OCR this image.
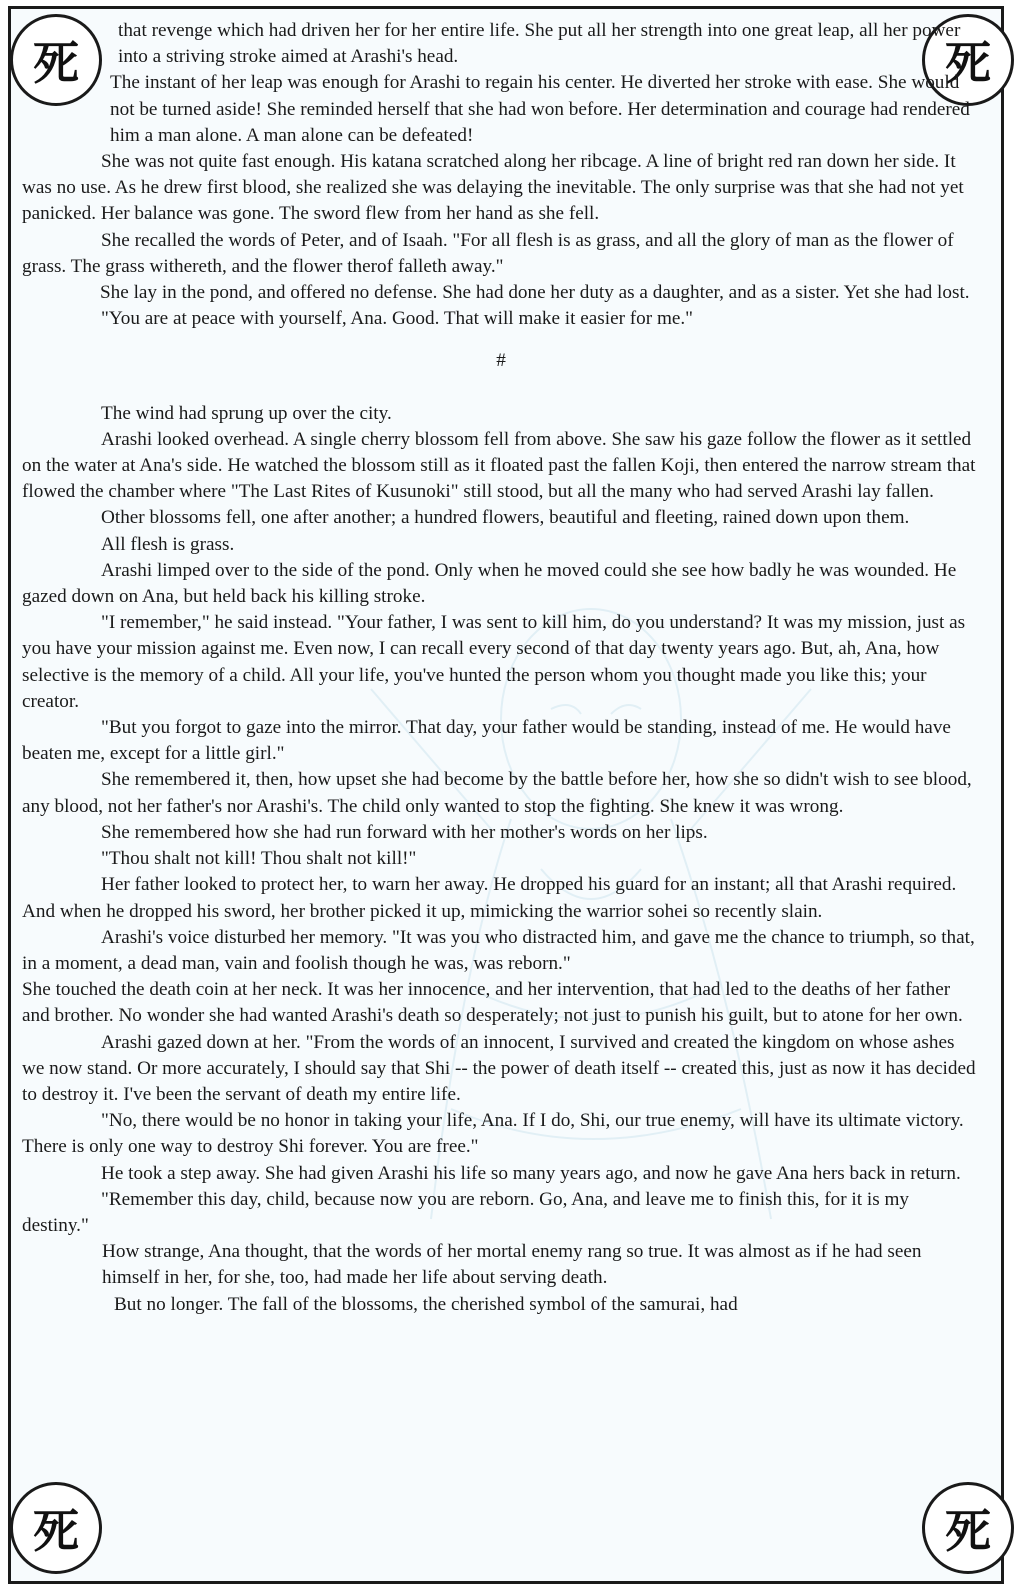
死	死
死	死

that revenge which had driven her for her entire life. She put all her strength into one great leap, all her power into a striving stroke aimed at Arashi's head.

The instant of her leap was enough for Arashi to regain his center. He diverted her stroke with ease. She would not be turned aside! She reminded herself that she had won before. Her determination and courage had rendered him a man alone. A man alone can be defeated!

She was not quite fast enough. His katana scratched along her ribcage. A line of bright red ran down her side. It was no use. As he drew first blood, she realized she was delaying the inevitable. The only surprise was that she had not yet panicked. Her balance was gone. The sword flew from her hand as she fell.

She recalled the words of Peter, and of Isaah. "For all flesh is as grass, and all the glory of man as the flower of grass. The grass withereth, and the flower therof falleth away."

She lay in the pond, and offered no defense. She had done her duty as a daughter, and as a sister. Yet she had lost.

"You are at peace with yourself, Ana. Good. That will make it easier for me."

#

The wind had sprung up over the city.

Arashi looked overhead. A single cherry blossom fell from above. She saw his gaze follow the flower as it settled on the water at Ana's side. He watched the blossom still as it floated past the fallen Koji, then entered the narrow stream that flowed the chamber where "The Last Rites of Kusunoki" still stood, but all the many who had served Arashi lay fallen.

Other blossoms fell, one after another; a hundred flowers, beautiful and fleeting, rained down upon them.

All flesh is grass.

Arashi limped over to the side of the pond. Only when he moved could she see how badly he was wounded. He gazed down on Ana, but held back his killing stroke.

"I remember," he said instead. "Your father, I was sent to kill him, do you understand? It was my mission, just as you have your mission against me. Even now, I can recall every second of that day twenty years ago. But, ah, Ana, how selective is the memory of a child. All your life, you've hunted the person whom you thought made you like this; your creator.

"But you forgot to gaze into the mirror. That day, your father would be standing, instead of me. He would have beaten me, except for a little girl."

She remembered it, then, how upset she had become by the battle before her, how she so didn't wish to see blood, any blood, not her father's nor Arashi's. The child only wanted to stop the fighting. She knew it was wrong.

She remembered how she had run forward with her mother's words on her lips.

"Thou shalt not kill! Thou shalt not kill!"

Her father looked to protect her, to warn her away. He dropped his guard for an instant; all that Arashi required. And when he dropped his sword, her brother picked it up, mimicking the warrior sohei so recently slain.

Arashi's voice disturbed her memory. "It was you who distracted him, and gave me the chance to triumph, so that, in a moment, a dead man, vain and foolish though he was, was reborn."

She touched the death coin at her neck. It was her innocence, and her intervention, that had led to the deaths of her father and brother. No wonder she had wanted Arashi's death so desperately; not just to punish his guilt, but to atone for her own.

Arashi gazed down at her. "From the words of an innocent, I survived and created the kingdom on whose ashes we now stand. Or more accurately, I should say that Shi -- the power of death itself -- created this, just as now it has decided to destroy it. I've been the servant of death my entire life.

"No, there would be no honor in taking your life, Ana. If I do, Shi, our true enemy, will have its ultimate victory. There is only one way to destroy Shi forever. You are free."

He took a step away. She had given Arashi his life so many years ago, and now he gave Ana hers back in return.

"Remember this day, child, because now you are reborn. Go, Ana, and leave me to finish this, for it is my destiny."

How strange, Ana thought, that the words of her mortal enemy rang so true. It was almost as if he had seen himself in her, for she, too, had made her life about serving death.

But no longer. The fall of the blossoms, the cherished symbol of the samurai, had
